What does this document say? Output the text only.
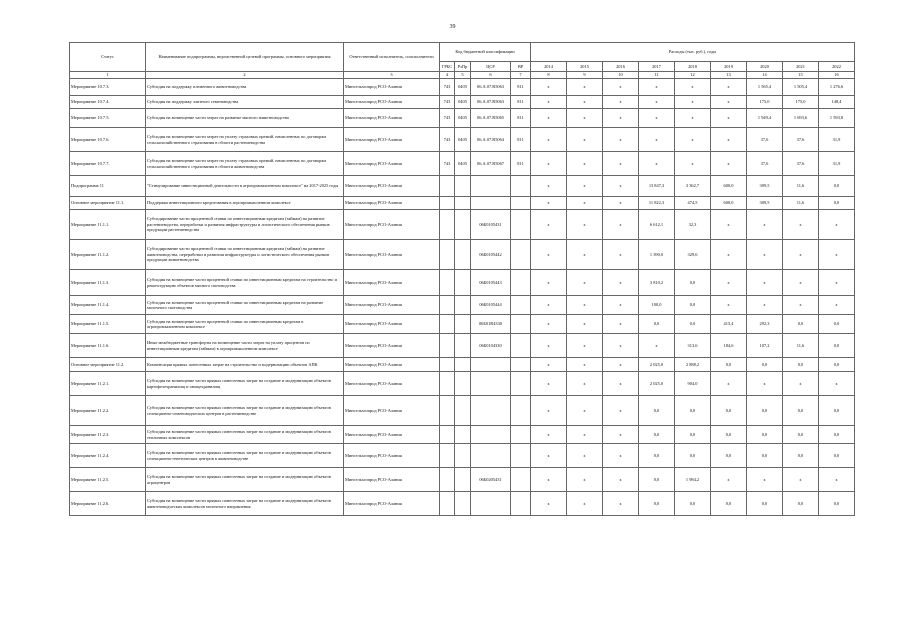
39
Статус	Наименование подпрограммы, ведомственной целевой программы, основного мероприятия	Ответственный исполнитель, соисполнители	Код бюджетной классификации				Расходы (тыс. руб.), годы								
			ГРБС	РзПр	ЦСР	ВР	2014	2015	2016	2017	2018	2019	2020	2021	2022
1	2	3	4	5	6	7	8	9	10	11	12	13	14	15	16
Мероприятие 10.7.3.	Субсидия на поддержку племенного животноводства	Минсельхозпрод РСО-Алания	743	0405	06.А.07.R5063	811	x	x	x	x	x	x	1 565,4	1 505,4	1 276,6
Мероприятие 10.7.4.	Субсидия на поддержку элитного семеноводства	Минсельхозпрод РСО-Алания	743	0405	06.А.07.R5063	811	x	x	x	x	x	x	175,0	175,0	148,4
Мероприятие 10.7.5.	Субсидия на возмещение части затрат на развитие мясного животноводства	Минсельхозпрод РСО-Алания	743	0405	06.А.07.R5065	811	x	x	x	x	x	x	1 949,4	1 693,6	1 593,8
Мероприятие 10.7.6.	Субсидия на возмещение части затрат на уплату страховых премий, начисленных по договорам сельскохозяйственного страхования в области растениеводства	Минсельхозпрод РСО-Алания	743	0405	06.А.07.R5064	811	x	x	x	x	x	x	37,6	37,6	31,9
Мероприятие 10.7.7.	Субсидия на возмещение части затрат на уплату страховых премий, начисленных по договорам сельскохозяйственного страхования в области животноводства	Минсельхозпрод РСО-Алания	743	0405	06.А.07.R5067	811	x	x	x	x	x	x	37,6	37,6	31,9
Подпрограмма 11	"Стимулирование инвестиционной деятельности в агропромышленном комплексе" на 2017-2025 годы	Минсельхозпрод РСО-Алания					x	x	x	13 847,3	3 362,7	600,0	309,5	11,6	0,0
Основное мероприятие 11.1.	Поддержка инвестиционного кредитования в агропромышленном комплексе	Минсельхозпрод РСО-Алания					x	x	x	11 822,3	474,5	600,0	309,5	11,6	0,0
Мероприятие 11.1.1.	Субсидирование части процентной ставки по инвестиционным кредитам (займам) на развитие растениеводства, переработки и развития инфраструктуры и логистического обеспечения рынков продукции растениеводства	Минсельхозпрод РСО-Алания			06Б0105431		x	x	x	6 612,1	32,3	x	x	x	x
Мероприятие 11.1.2.	Субсидирование части процентной ставки по инвестиционным кредитам (займам) на развитие животноводства, переработки и развития инфраструктуры и логистического обеспечения рынков продукции животноводства	Минсельхозпрод РСО-Алания			06Б0105442		x	x	x	1 390,0	329,6	x	x	x	x
Мероприятие 11.1.3.	Субсидия на возмещение части процентной ставки по инвестиционным кредитам на строительство и реконструкцию объектов мясного скотоводства	Минсельхозпрод РСО-Алания			06Б0105443		x	x	x	3 810,2	0,0	x	x	x	x
Мероприятие 11.1.4.	Субсидия на возмещение части процентной ставки по инвестиционным кредитам на развитие молочного скотоводства	Минсельхозпрод РСО-Алания			06Б0105444		x	x	x	100,0	0,0	x	x	x	x
Мероприятие 11.1.5.	Субсидия на возмещение части процентной ставки по инвестиционным кредитам в агропромышленном комплексе	Минсельхозпрод РСО-Алания			06Б01R4330		x	x	x	0,0	0,0	415,4	292,3	0,0	0,0
Мероприятие 11.1.6.	Иные межбюджетные трансферты на возмещение части затрат на уплату процентов по инвестиционным кредитам (займам) в агропромышленном комплексе	Минсельхозпрод РСО-Алания			06Б0104330		x	x	x	x	313,6	184,6	107,2	11,6	0,0
Основное мероприятие 11.2.	Компенсация прямых понесенных затрат на строительство и модернизацию объектов АПК	Минсельхозпрод РСО-Алания					x	x	x	2 025,0	2 888,2	0,0	0,0	0,0	0,0
Мероприятие 11.2.1.	Субсидия на возмещение части прямых понесенных затрат на создание и модернизацию объектов картофелехранилищ и овощехранилищ	Минсельхозпрод РСО-Алания					x	x	x	2 025,0	904,0	x	x	x	x
Мероприятие 11.2.2.	Субсидия на возмещение части прямых понесенных затрат на создание и модернизацию объектов селекционно-семеноводческих центров в растениеводстве	Минсельхозпрод РСО-Алания					x	x	x	0,0	0,0	0,0	0,0	0,0	0,0
Мероприятие 11.2.3.	Субсидия на возмещение части прямых понесенных затрат на создание и модернизацию объектов тепличных комплексов	Минсельхозпрод РСО-Алания					x	x	x	0,0	0,0	0,0	0,0	0,0	0,0
Мероприятие 11.2.4.	Субсидия на возмещение части прямых понесенных затрат на создание и модернизацию объектов селекционно-генетических центров в животноводстве	Минсельхозпрод РСО-Алания					x	x	x	0,0	0,0	0,0	0,0	0,0	0,0
Мероприятие 11.2.5.	Субсидия на возмещение части прямых понесенных затрат на создание и модернизацию объектов агроцентров	Минсельхозпрод РСО-Алания			06Б0205431		x	x	x	0,0	1 984,2	x	x	x	x
Мероприятие 11.2.6.	Субсидия на возмещение части прямых понесенных затрат на создание и модернизацию объектов животноводческих комплексов молочного направления	Минсельхозпрод РСО-Алания					x	x	x	0,0	0,0	0,0	0,0	0,0	0,0
